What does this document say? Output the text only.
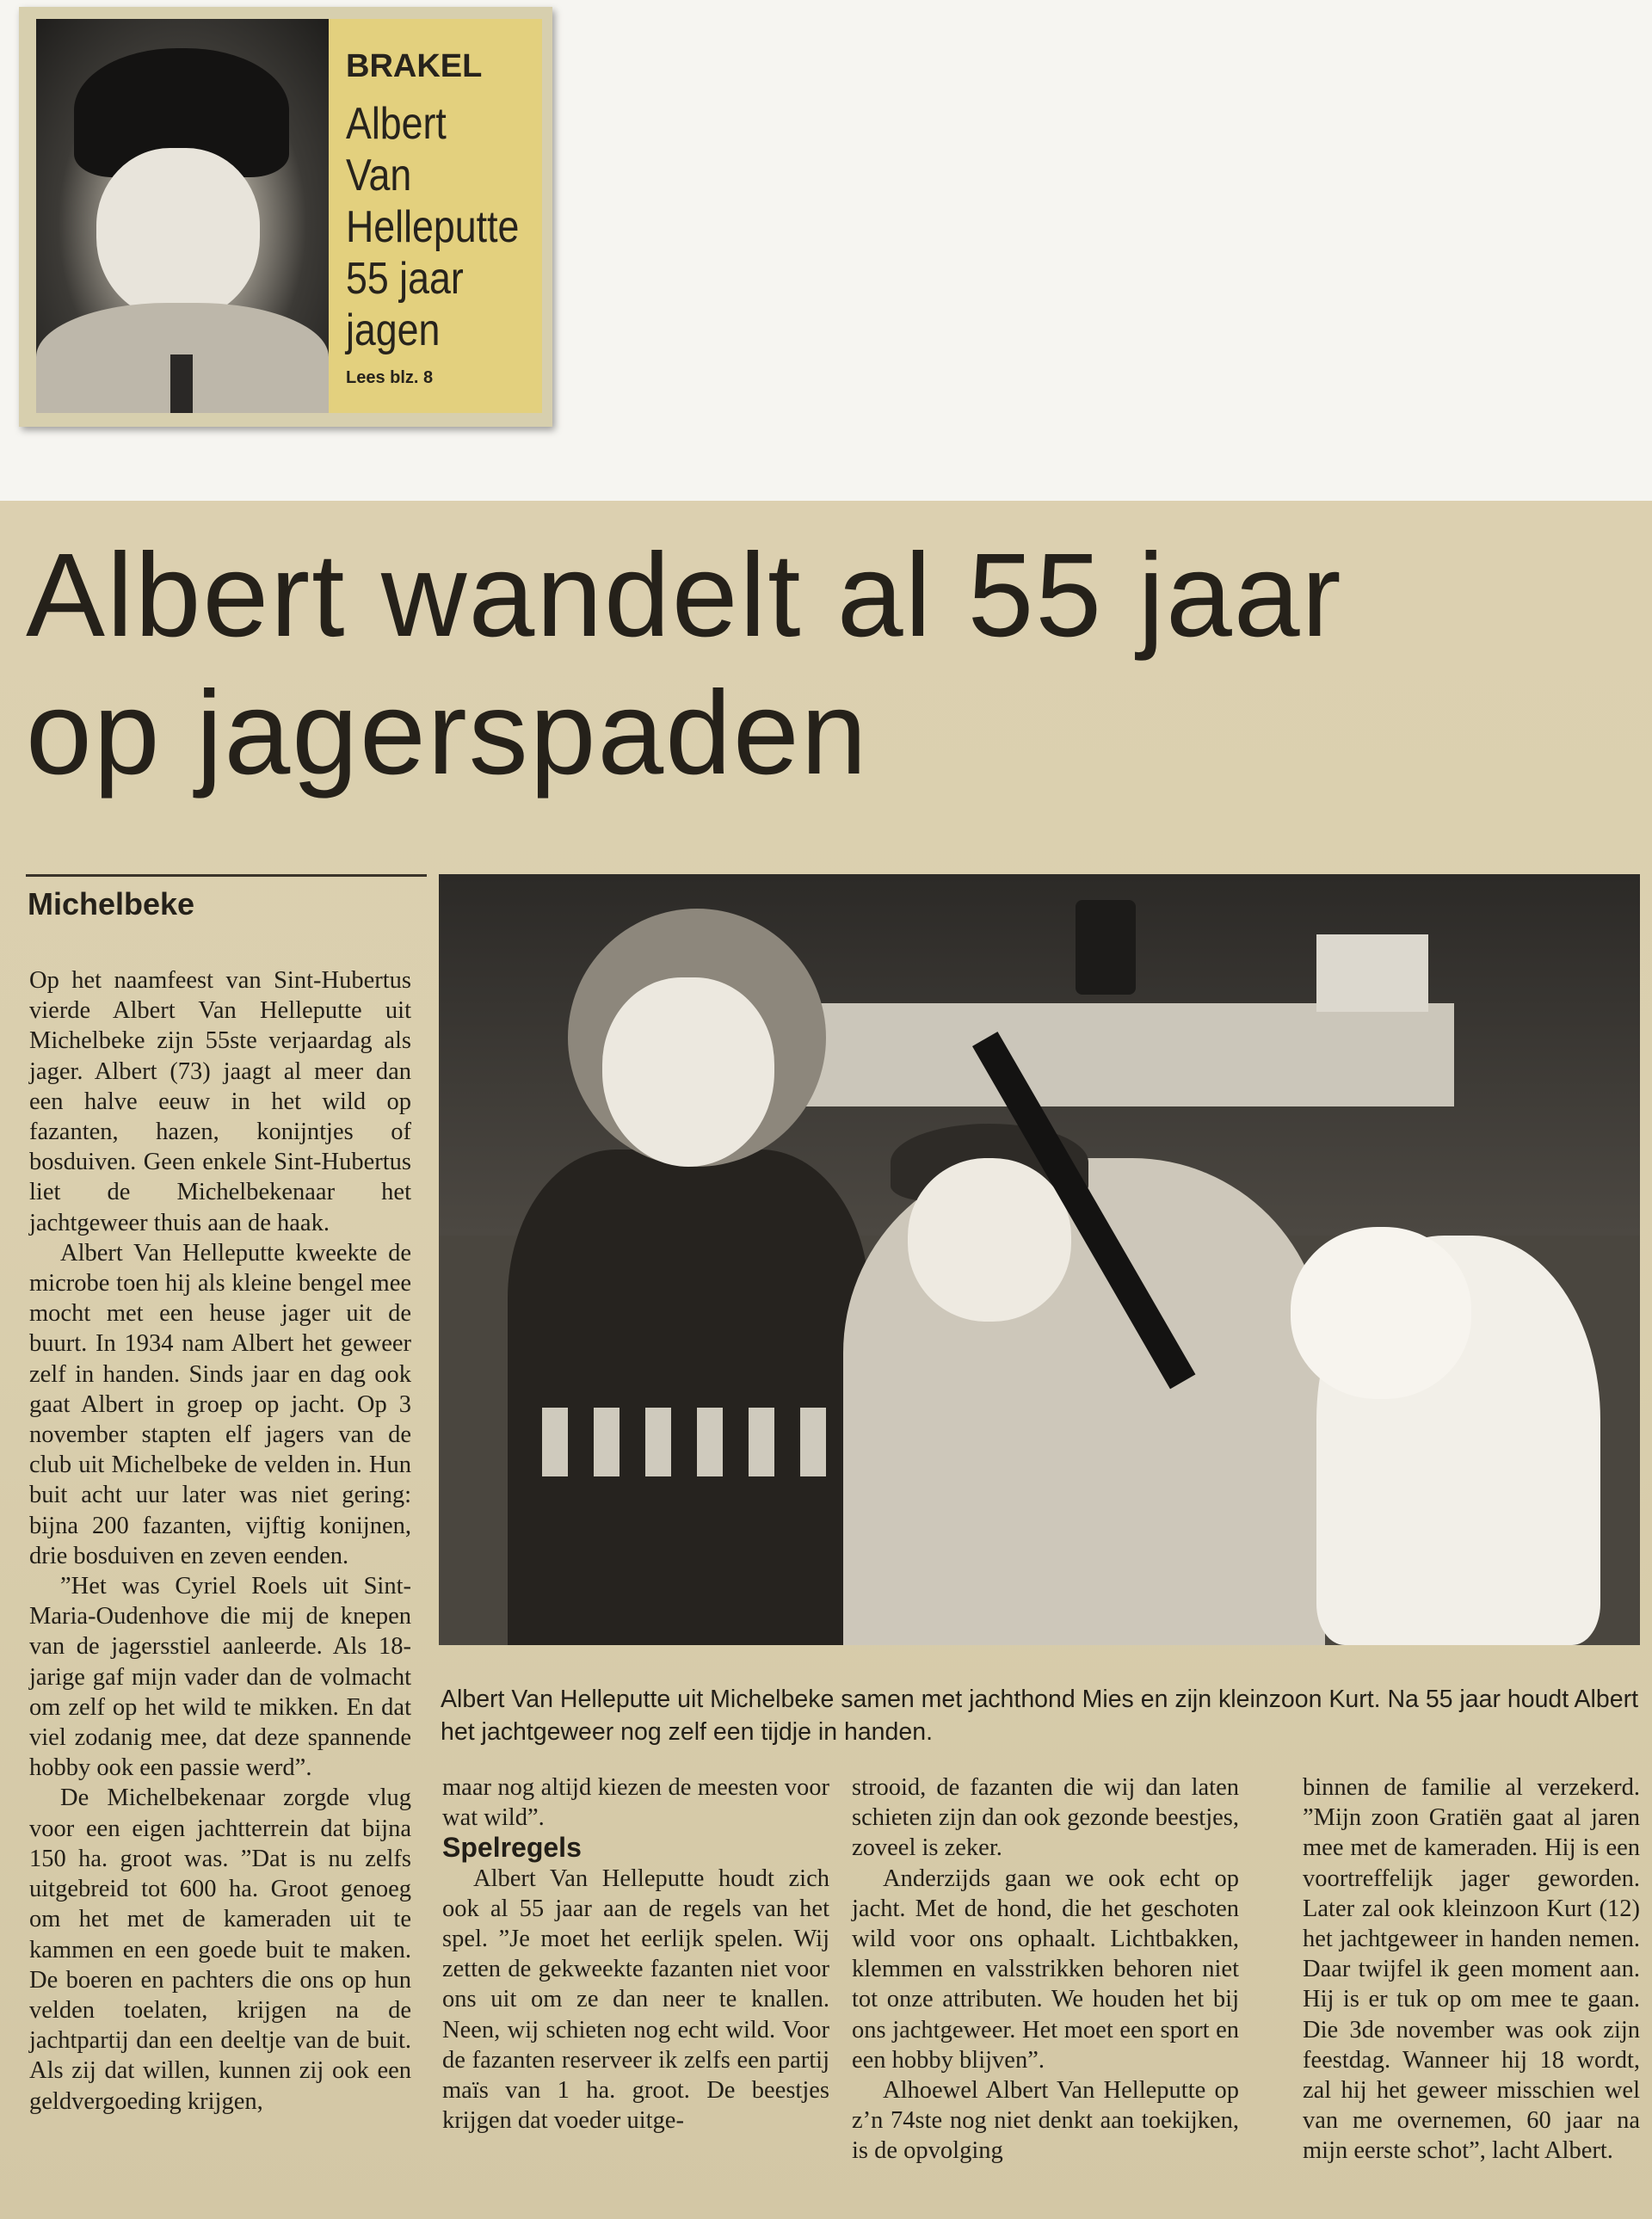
BRAKEL
Albert Van
Helleputte
55 jaar
jagen
Lees blz. 8
Albert wandelt al 55 jaar
op jagerspaden
Michelbeke

Op het naamfeest van Sint-Hubertus vierde Albert Van Helleputte uit Michelbeke zijn 55ste verjaardag als jager. Albert (73) jaagt al meer dan een halve eeuw in het wild op fazanten, hazen, konijntjes of bosduiven. Geen enkele Sint-Hubertus liet de Michelbekenaar het jachtgeweer thuis aan de haak.

Albert Van Helleputte kweekte de microbe toen hij als kleine bengel mee mocht met een heuse jager uit de buurt. In 1934 nam Albert het geweer zelf in handen. Sinds jaar en dag ook gaat Albert in groep op jacht. Op 3 november stapten elf jagers van de club uit Michelbeke de velden in. Hun buit acht uur later was niet gering: bijna 200 fazanten, vijftig konijnen, drie bosduiven en zeven eenden.

”Het was Cyriel Roels uit Sint-Maria-Oudenhove die mij de knepen van de jagersstiel aanleerde. Als 18-jarige gaf mijn vader dan de volmacht om zelf op het wild te mikken. En dat viel zodanig mee, dat deze spannende hobby ook een passie werd”.

De Michelbekenaar zorgde vlug voor een eigen jachtterrein dat bijna 150 ha. groot was. ”Dat is nu zelfs uitgebreid tot 600 ha. Groot genoeg om het met de kameraden uit te kammen en een goede buit te maken. De boeren en pachters die ons op hun velden toelaten, krijgen na de jachtpartij dan een deeltje van de buit. Als zij dat willen, kunnen zij ook een geldvergoeding krijgen,

Albert Van Helleputte uit Michelbeke samen met jachthond Mies en zijn kleinzoon Kurt. Na 55 jaar houdt Albert het jachtgeweer nog zelf een tijdje in handen.

maar nog altijd kiezen de meesten voor wat wild”.

Spelregels

Albert Van Helleputte houdt zich ook al 55 jaar aan de regels van het spel. ”Je moet het eerlijk spelen. Wij zetten de gekweekte fazanten niet voor ons uit om ze dan neer te knallen. Neen, wij schieten nog echt wild. Voor de fazanten reserveer ik zelfs een partij maïs van 1 ha. groot. De beestjes krijgen dat voeder uitge-

strooid, de fazanten die wij dan laten schieten zijn dan ook gezonde beestjes, zoveel is zeker.

Anderzijds gaan we ook echt op jacht. Met de hond, die het geschoten wild voor ons ophaalt. Lichtbakken, klemmen en valsstrikken behoren niet tot onze attributen. We houden het bij ons jachtgeweer. Het moet een sport en een hobby blijven”.

Alhoewel Albert Van Helleputte op z’n 74ste nog niet denkt aan toekijken, is de opvolging

binnen de familie al verzekerd. ”Mijn zoon Gratiën gaat al jaren mee met de kameraden. Hij is een voortreffelijk jager geworden. Later zal ook kleinzoon Kurt (12) het jachtgeweer in handen nemen. Daar twijfel ik geen moment aan. Hij is er tuk op om mee te gaan. Die 3de november was ook zijn feestdag. Wanneer hij 18 wordt, zal hij het geweer misschien wel van me overnemen, 60 jaar na mijn eerste schot”, lacht Albert.
